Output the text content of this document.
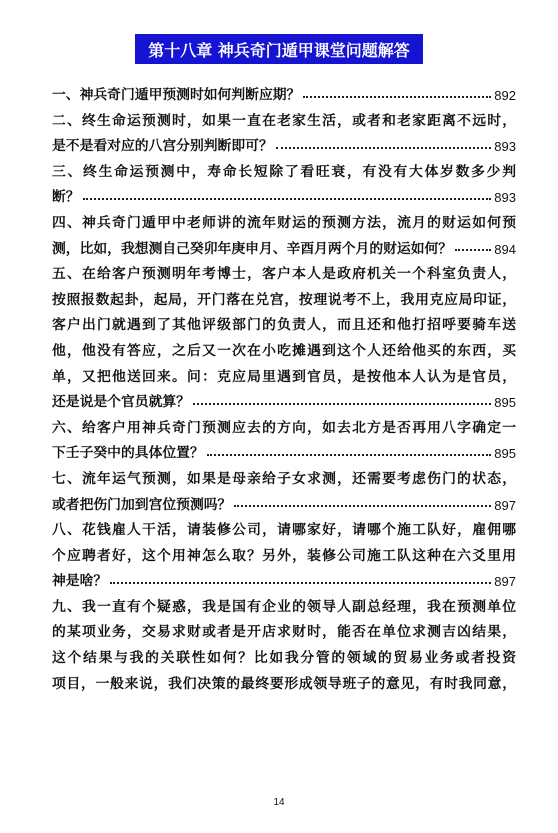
第十八章 神兵奇门遁甲课堂问题解答
一、神兵奇门遁甲预测时如何判断应期？	892
二、终生命运预测时，如果一直在老家生活，或者和老家距离不远时，
是不是看对应的八宫分别判断即可？	893
三、终生命运预测中，寿命长短除了看旺衰，有没有大体岁数多少判
断？	893
四、神兵奇门遁甲中老师讲的流年财运的预测方法，流月的财运如何预
测，比如，我想测自己癸卯年庚申月、辛酉月两个月的财运如何？	894
五、在给客户预测明年考博士，客户本人是政府机关一个科室负责人，
按照报数起卦，起局，开门落在兑宫，按理说考不上，我用克应局印证，
客户出门就遇到了其他评级部门的负责人，而且还和他打招呼要骑车送
他，他没有答应，之后又一次在小吃摊遇到这个人还给他买的东西，买
单，又把他送回来。问：克应局里遇到官员，是按他本人认为是官员，
还是说是个官员就算？	895
六、给客户用神兵奇门预测应去的方向，如去北方是否再用八字确定一
下壬子癸中的具体位置？	895
七、流年运气预测，如果是母亲给子女求测，还需要考虑伤门的状态，
或者把伤门加到宫位预测吗？	897
八、花钱雇人干活，请装修公司，请哪家好，请哪个施工队好，雇佣哪
个应聘者好，这个用神怎么取？另外，装修公司施工队这种在六爻里用
神是啥？	897
九、我一直有个疑惑，我是国有企业的领导人副总经理，我在预测单位
的某项业务，交易求财或者是开店求财时，能否在单位求测吉凶结果，
这个结果与我的关联性如何？比如我分管的领域的贸易业务或者投资
项目，一般来说，我们决策的最终要形成领导班子的意见，有时我同意，
14
